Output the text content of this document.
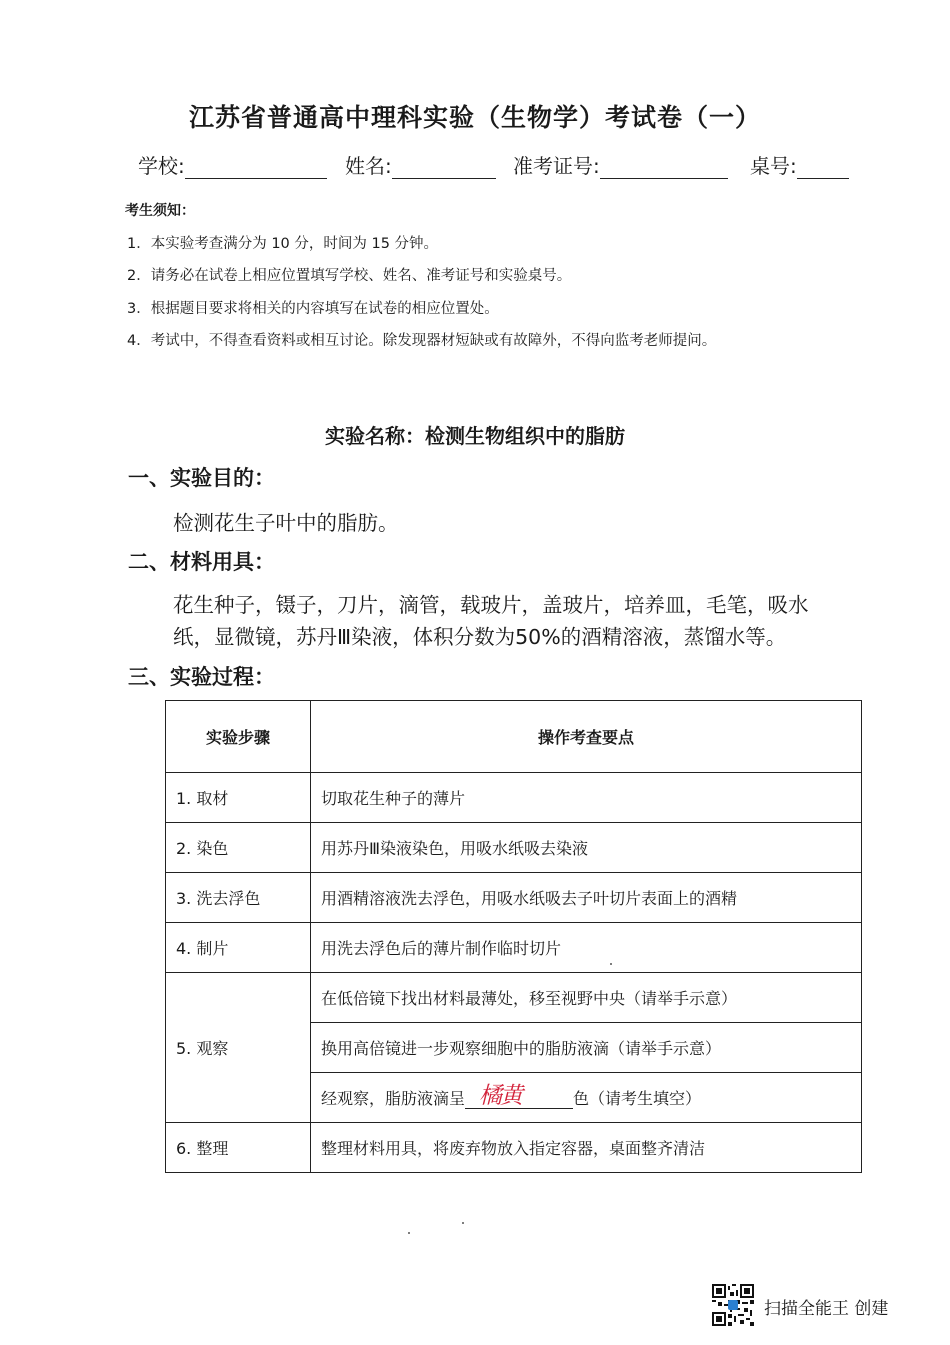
江苏省普通高中理科实验（生物学）考试卷（一）
学校:	姓名:	准考证号:	桌号:
考生须知：
1．本实验考查满分为 10 分，时间为 15 分钟。
2．请务必在试卷上相应位置填写学校、姓名、准考证号和实验桌号。
3．根据题目要求将相关的内容填写在试卷的相应位置处。
4．考试中，不得查看资料或相互讨论。除发现器材短缺或有故障外，不得向监考老师提问。
实验名称：检测生物组织中的脂肪
一、实验目的：
检测花生子叶中的脂肪。
二、材料用具：
花生种子，镊子，刀片，滴管，载玻片，盖玻片，培养皿，毛笔，吸水
纸，显微镜，苏丹Ⅲ染液，体积分数为50%的酒精溶液，蒸馏水等。
三、实验过程：
实验步骤	操作考查要点
1. 取材	切取花生种子的薄片
2. 染色	用苏丹Ⅲ染液染色，用吸水纸吸去染液
3. 洗去浮色	用酒精溶液洗去浮色，用吸水纸吸去子叶切片表面上的酒精
4. 制片	用洗去浮色后的薄片制作临时切片
5. 观察	在低倍镜下找出材料最薄处，移至视野中央（请举手示意）
	换用高倍镜进一步观察细胞中的脂肪液滴（请举手示意）
	经观察，脂肪液滴呈 橘黄 色（请考生填空）
6. 整理	整理材料用具，将废弃物放入指定容器，桌面整齐清洁
扫描全能王 创建
